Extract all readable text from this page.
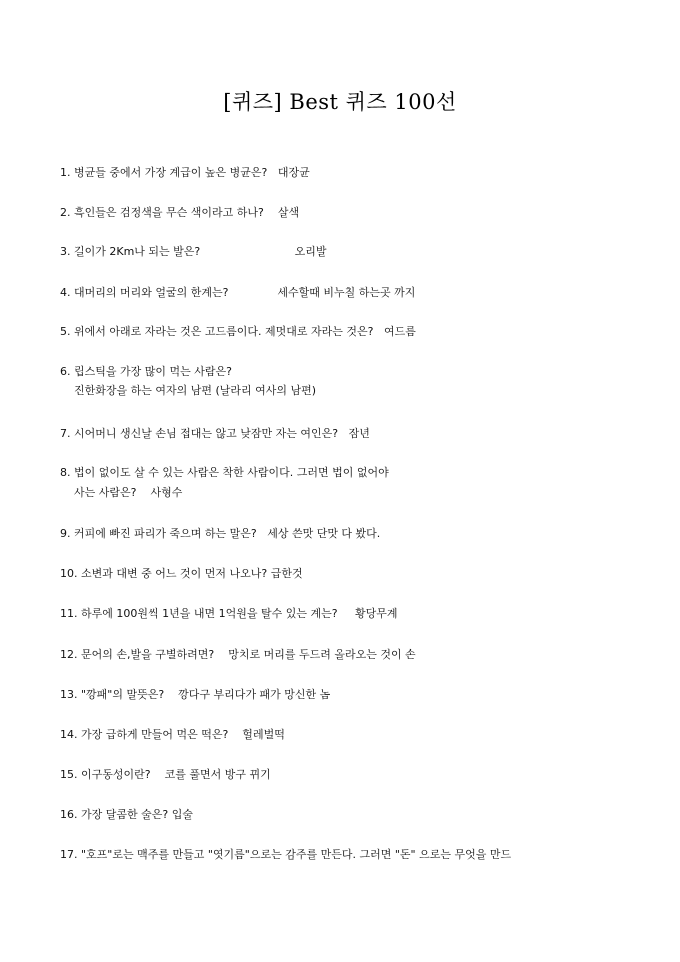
[퀴즈] Best 퀴즈 100선
1. 병균들 중에서 가장 계급이 높은 병균은?   대장균
2. 흑인들은 검정색을 무슨 색이라고 하나?    살색
3. 길이가 2Km나 되는 발은?                           오리발
4. 대머리의 머리와 얼굴의 한계는?              세수할때 비누칠 하는곳 까지
5. 위에서 아래로 자라는 것은 고드름이다. 제멋대로 자라는 것은?   여드름
6. 립스틱을 가장 많이 먹는 사람은?
진한화장을 하는 여자의 남편 (날라리 여사의 남편)
7. 시어머니 생신날 손님 접대는 않고 낮잠만 자는 여인은?   잠년
8. 법이 없이도 살 수 있는 사람은 착한 사람이다. 그러면 법이 없어야
사는 사람은?    사형수
9. 커피에 빠진 파리가 죽으며 하는 말은?   세상 쓴맛 단맛 다 봤다.
10. 소변과 대변 중 어느 것이 먼저 나오나? 급한것
11. 하루에 100원씩 1년을 내면 1억원을 탈수 있는 계는?     황당무계
12. 문어의 손,발을 구별하려면?    망치로 머리를 두드려 올라오는 것이 손
13. "깡패"의 말뜻은?    깡다구 부리다가 패가 망신한 놈
14. 가장 급하게 만들어 먹은 떡은?    헐레벌떡
15. 이구동성이란?    코를 풀면서 방구 뀌기
16. 가장 달콤한 술은? 입술
17. "호프"로는 맥주를 만들고 "엿기름"으로는 감주를 만든다. 그러면 "돈" 으로는 무엇을 만드
